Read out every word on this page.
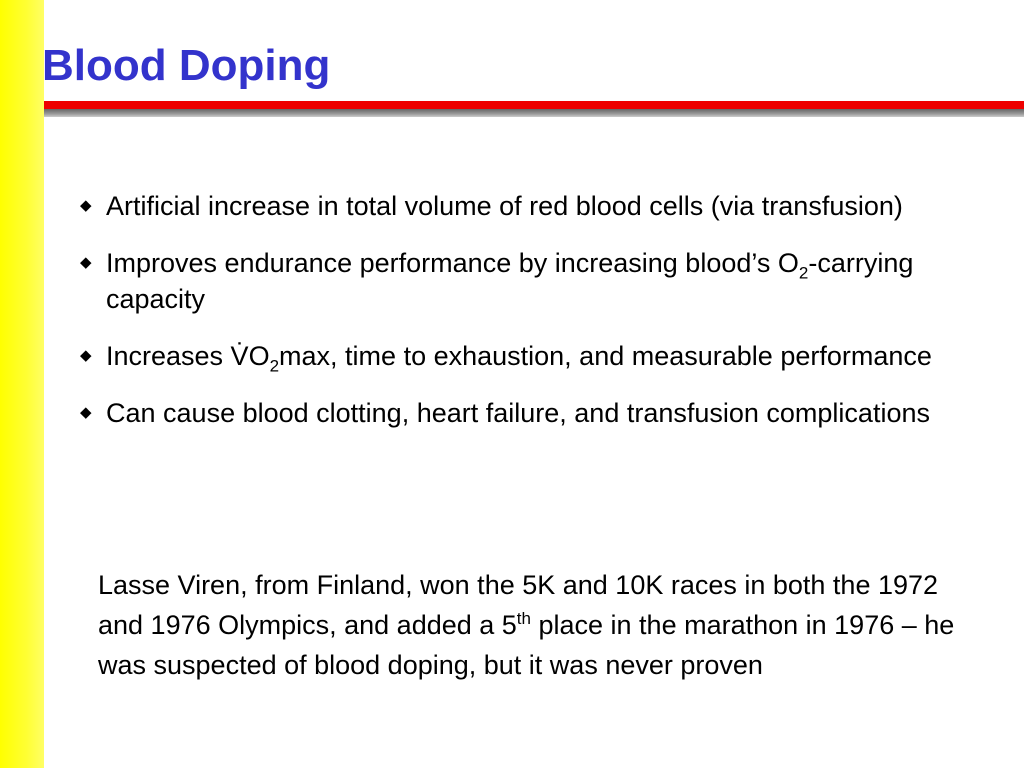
Blood Doping
◆ Artificial increase in total volume of red blood cells (via transfusion)
◆ Improves endurance performance by increasing blood’s $O_2$-carrying capacity
◆ Increases $V̇O_2\max$, time to exhaustion, and measurable performance
◆ Can cause blood clotting, heart failure, and transfusion complications

Lasse Viren, from Finland, won the 5K and 10K races in both the 1972 and 1976 Olympics, and added a 5th place in the marathon in 1976 – he was suspected of blood doping, but it was never proven
